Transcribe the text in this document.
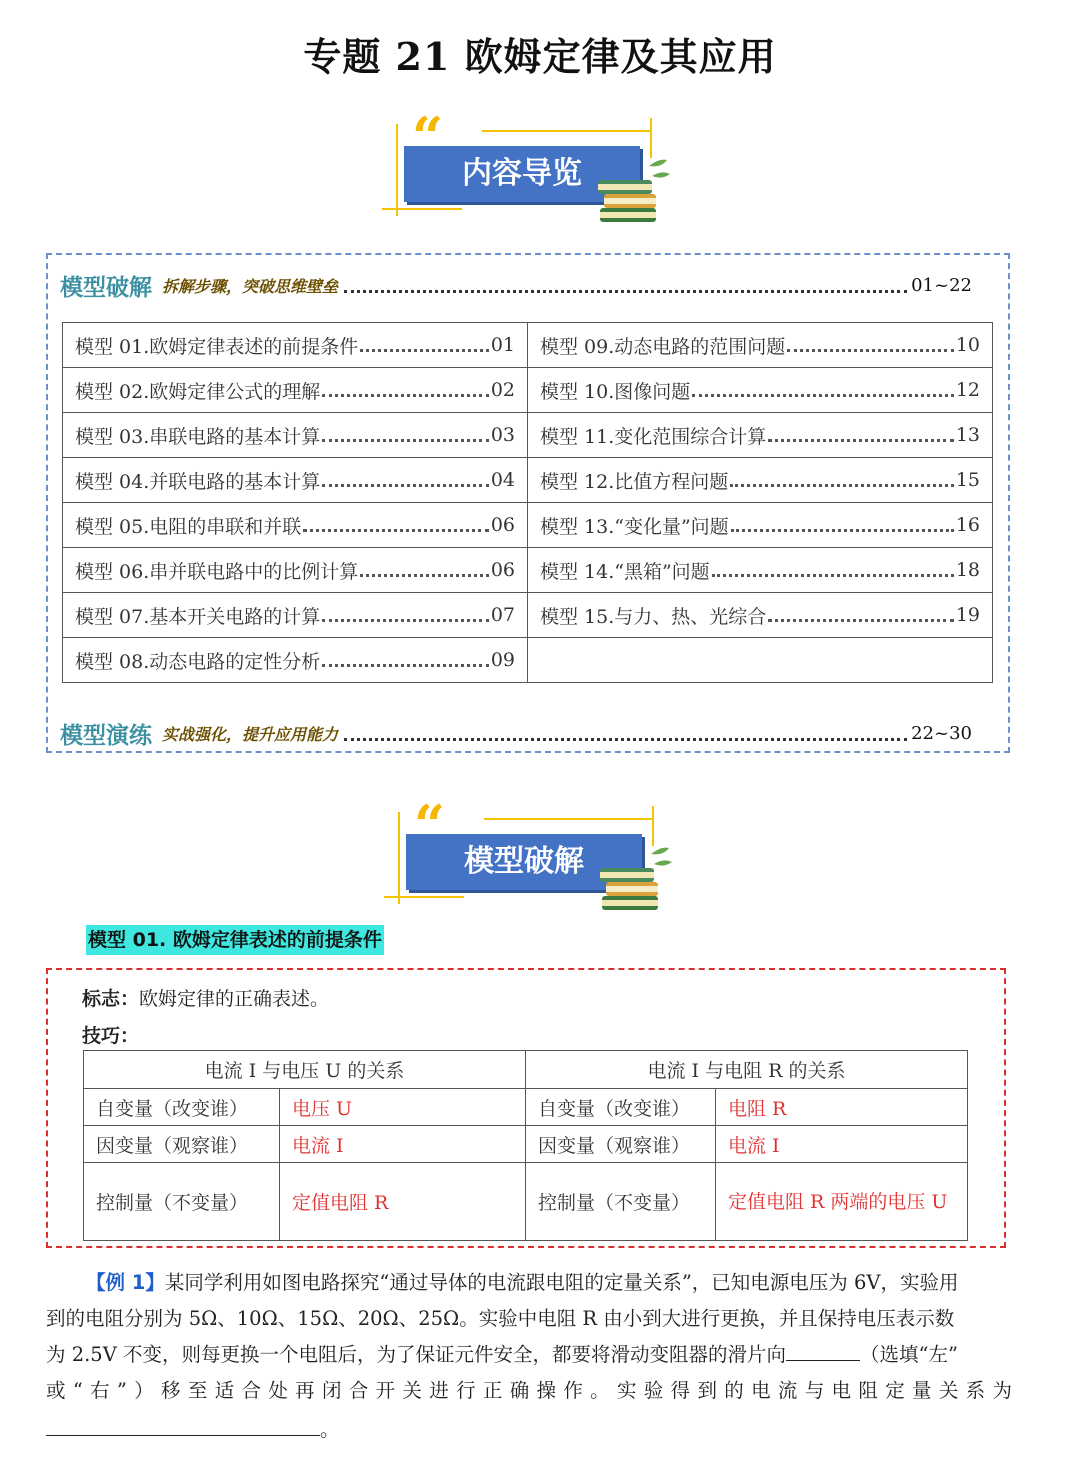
专题 21 欧姆定律及其应用
“
内容导览
模型破解 拆解步骤，突破思维壁垒	01~22
模型 01.欧姆定律表述的前提条件 01	模型 09.动态电路的范围问题 10

模型 02.欧姆定律公式的理解 02	模型 10.图像问题 12

模型 03.串联电路的基本计算 03	模型 11.变化范围综合计算 13

模型 04.并联电路的基本计算 04	模型 12.比值方程问题 15

模型 05.电阻的串联和并联 06	模型 13.“变化量”问题 16

模型 06.串并联电路中的比例计算 06	模型 14.“黑箱”问题 18

模型 07.基本开关电路的计算 07	模型 15.与力、热、光综合 19

模型 08.动态电路的定性分析 09	

模型演练 实战强化，提升应用能力	22~30
“
模型破解
模型 01. 欧姆定律表述的前提条件
标志：欧姆定律的正确表述。
技巧：
电流 I 与电压 U 的关系		电流 I 与电阻 R 的关系	
自变量（改变谁）	电压 U	自变量（改变谁）	电阻 R
因变量（观察谁）	电流 I	因变量（观察谁）	电流 I
控制量（不变量）	定值电阻 R	控制量（不变量）	定值电阻 R 两端的电压 U
【例 1】某同学利用如图电路探究“通过导体的电流跟电阻的定量关系”，已知电源电压为 6V，实验用
到的电阻分别为 5Ω、10Ω、15Ω、20Ω、25Ω。实验中电阻 R 由小到大进行更换，并且保持电压表示数
为 2.5V 不变，则每更换一个电阻后，为了保证元件安全，都要将滑动变阻器的滑片向	（选填“左”
或“右”）移至适合处再闭合开关进行正确操作。实验得到的电流与电阻定量关系为
。
